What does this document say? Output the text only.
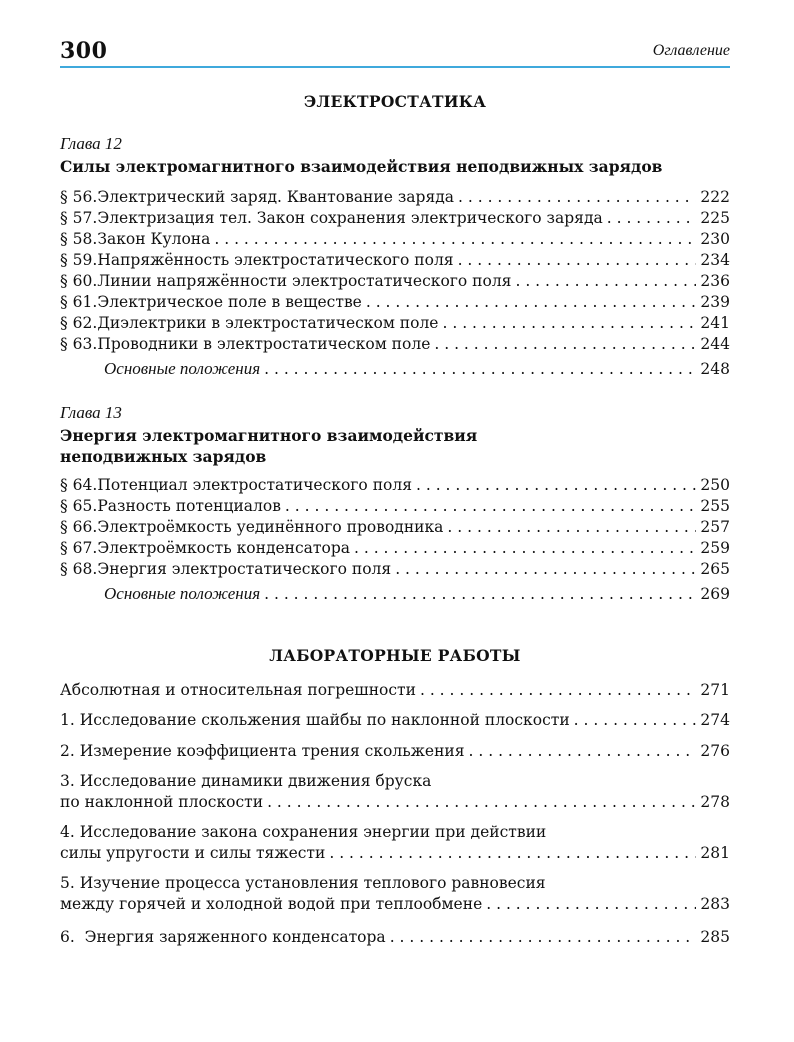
300	Оглавление
ЭЛЕКТРОСТАТИКА
Глава 12
Силы электромагнитного взаимодействия неподвижных зарядов
§ 56. Электрический заряд. Квантование заряда . . .	222
§ 57. Электризация тел. Закон сохранения электрического заряда . . .	225
§ 58. Закон Кулона . . .	230
§ 59. Напряжённость электростатического поля . . .	234
§ 60. Линии напряжённости электростатического поля . . .	236
§ 61. Электрическое поле в веществе . . .	239
§ 62. Диэлектрики в электростатическом поле . . .	241
§ 63. Проводники в электростатическом поле . . .	244
Основные положения . . .	248
Глава 13
Энергия электромагнитного взаимодействия
неподвижных зарядов
§ 64. Потенциал электростатического поля . . .	250
§ 65. Разность потенциалов . . .	255
§ 66. Электроёмкость уединённого проводника . . .	257
§ 67. Электроёмкость конденсатора . . .	259
§ 68. Энергия электростатического поля . . .	265
Основные положения . . .	269
ЛАБОРАТОРНЫЕ РАБОТЫ
Абсолютная и относительная погрешности . . .	271
1. Исследование скольжения шайбы по наклонной плоскости . . .	274
2. Измерение коэффициента трения скольжения . . .	276
3. Исследование динамики движения бруска
по наклонной плоскости . . .	278
4. Исследование закона сохранения энергии при действии
силы упругости и силы тяжести . . .	281
5. Изучение процесса установления теплового равновесия
между горячей и холодной водой при теплообмене . . .	283
6.  Энергия заряженного конденсатора . . .	285
